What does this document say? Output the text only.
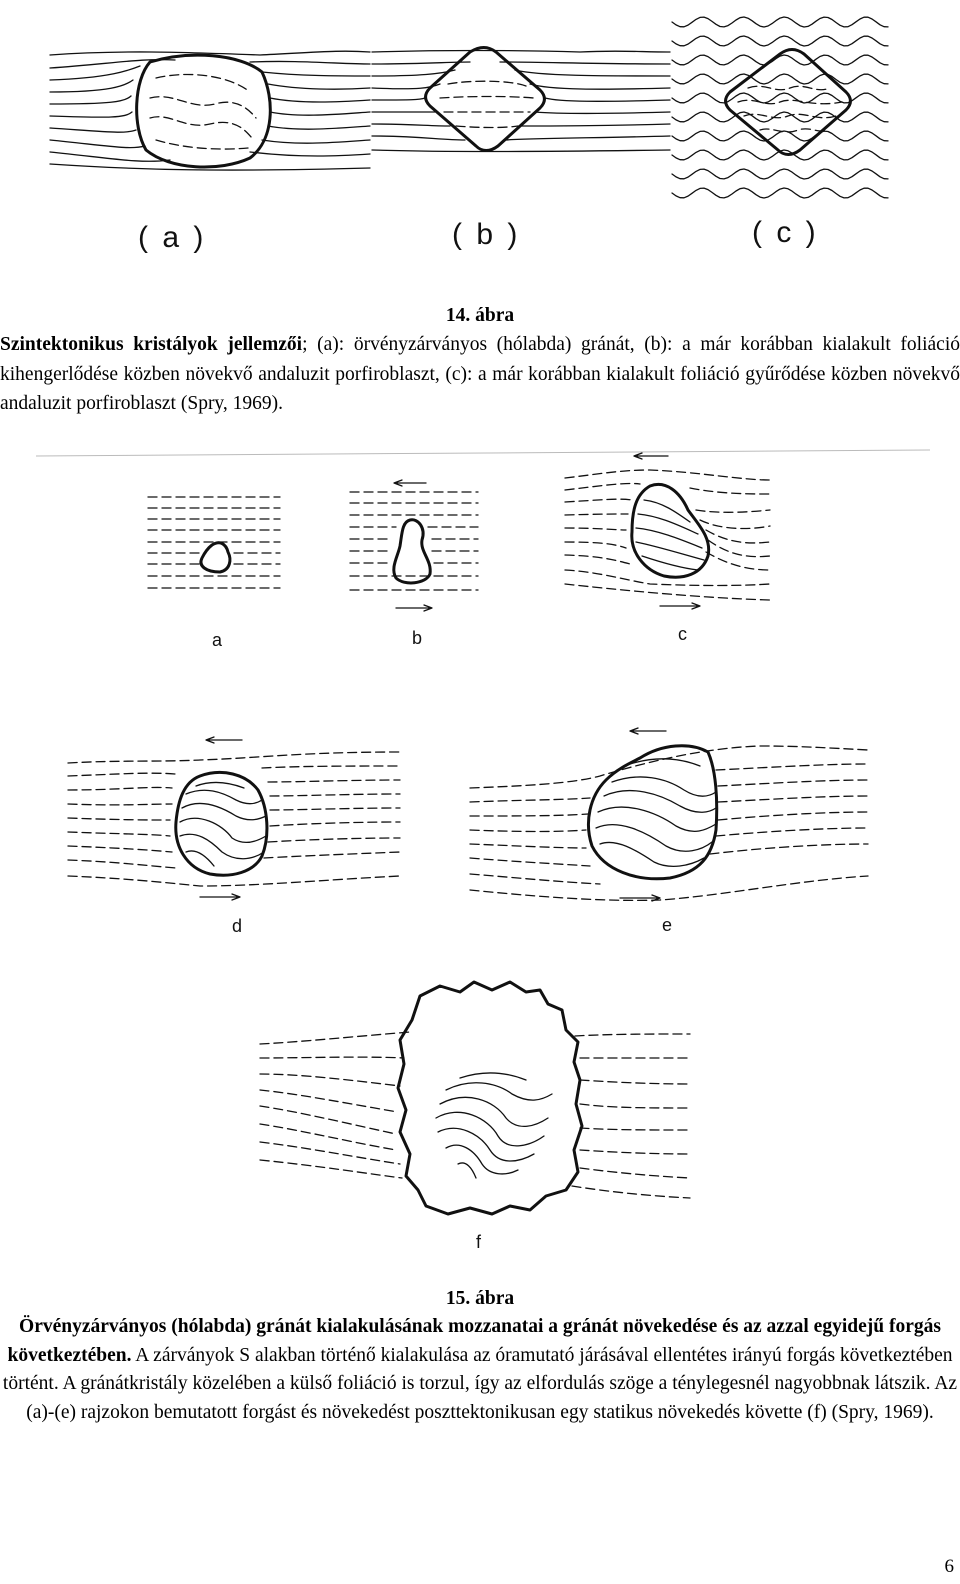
( a )	( b )	( c )
14. ábra
Szintektonikus kristályok jellemzői; (a): örvényzárványos (hólabda) gránát, (b): a már korábban kialakult foliáció kihengerlődése közben növekvő andaluzit porfiroblaszt, (c): a már korábban kialakult foliáció gyűrődése közben növekvő andaluzit porfiroblaszt (Spry, 1969).
a	b	c
d	e
f
15. ábra
Örvényzárványos (hólabda) gránát kialakulásának mozzanatai a gránát növekedése és az azzal egyidejű forgás következtében. A zárványok S alakban történő kialakulása az óramutató járásával ellentétes irányú forgás következtében történt. A gránátkristály közelében a külső foliáció is torzul, így az elfordulás szöge a ténylegesnél nagyobbnak látszik. Az (a)-(e) rajzokon bemutatott forgást és növekedést poszttektonikusan egy statikus növekedés követte (f) (Spry, 1969).
6
